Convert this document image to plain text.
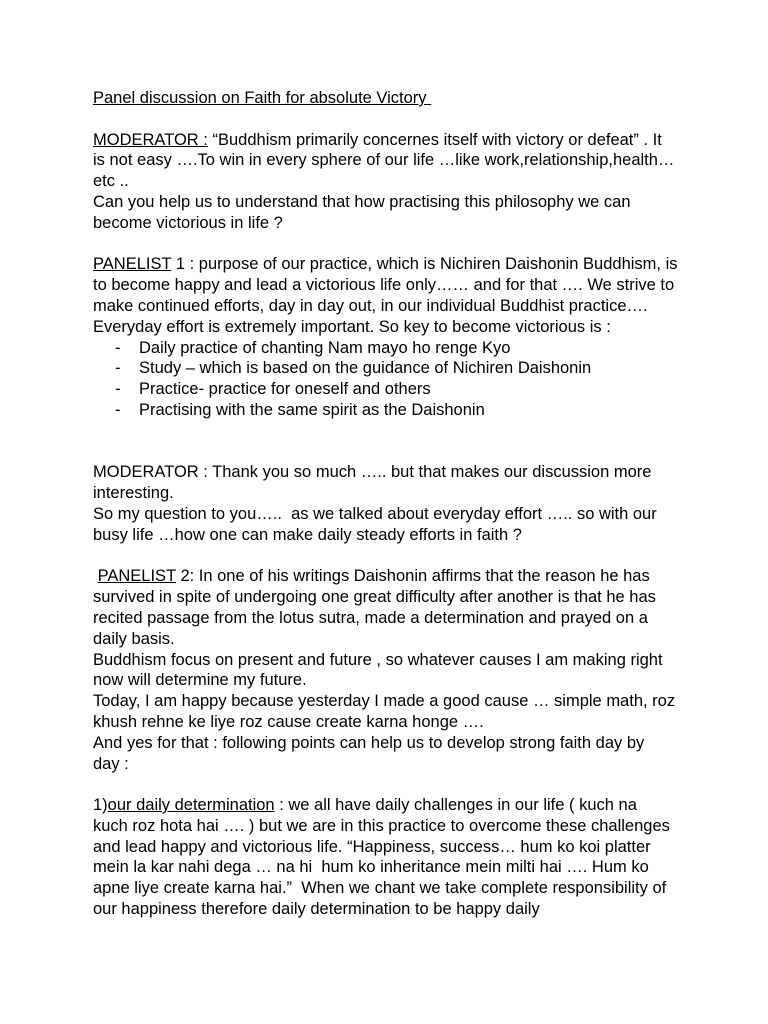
Panel discussion on Faith for absolute Victory
MODERATOR : “Buddhism primarily concernes itself with victory or defeat” . It
is not easy ….To win in every sphere of our life …like work,relationship,health…
etc ..
Can you help us to understand that how practising this philosophy we can
become victorious in life ?
PANELIST 1 : purpose of our practice, which is Nichiren Daishonin Buddhism, is
to become happy and lead a victorious life only…… and for that …. We strive to
make continued efforts, day in day out, in our individual Buddhist practice….
Everyday effort is extremely important. So key to become victorious is :
- Daily practice of chanting Nam mayo ho renge Kyo
- Study – which is based on the guidance of Nichiren Daishonin
- Practice- practice for oneself and others
- Practising with the same spirit as the Daishonin
MODERATOR : Thank you so much ….. but that makes our discussion more
interesting.
So my question to you…..  as we talked about everyday effort ….. so with our
busy life …how one can make daily steady efforts in faith ?
PANELIST 2: In one of his writings Daishonin affirms that the reason he has
survived in spite of undergoing one great difficulty after another is that he has
recited passage from the lotus sutra, made a determination and prayed on a
daily basis.
Buddhism focus on present and future , so whatever causes I am making right
now will determine my future.
Today, I am happy because yesterday I made a good cause … simple math, roz
khush rehne ke liye roz cause create karna honge ….
And yes for that : following points can help us to develop strong faith day by
day :
1)our daily determination : we all have daily challenges in our life ( kuch na
kuch roz hota hai …. ) but we are in this practice to overcome these challenges
and lead happy and victorious life. “Happiness, success… hum ko koi platter
mein la kar nahi dega … na hi  hum ko inheritance mein milti hai …. Hum ko
apne liye create karna hai.”  When we chant we take complete responsibility of
our happiness therefore daily determination to be happy daily
